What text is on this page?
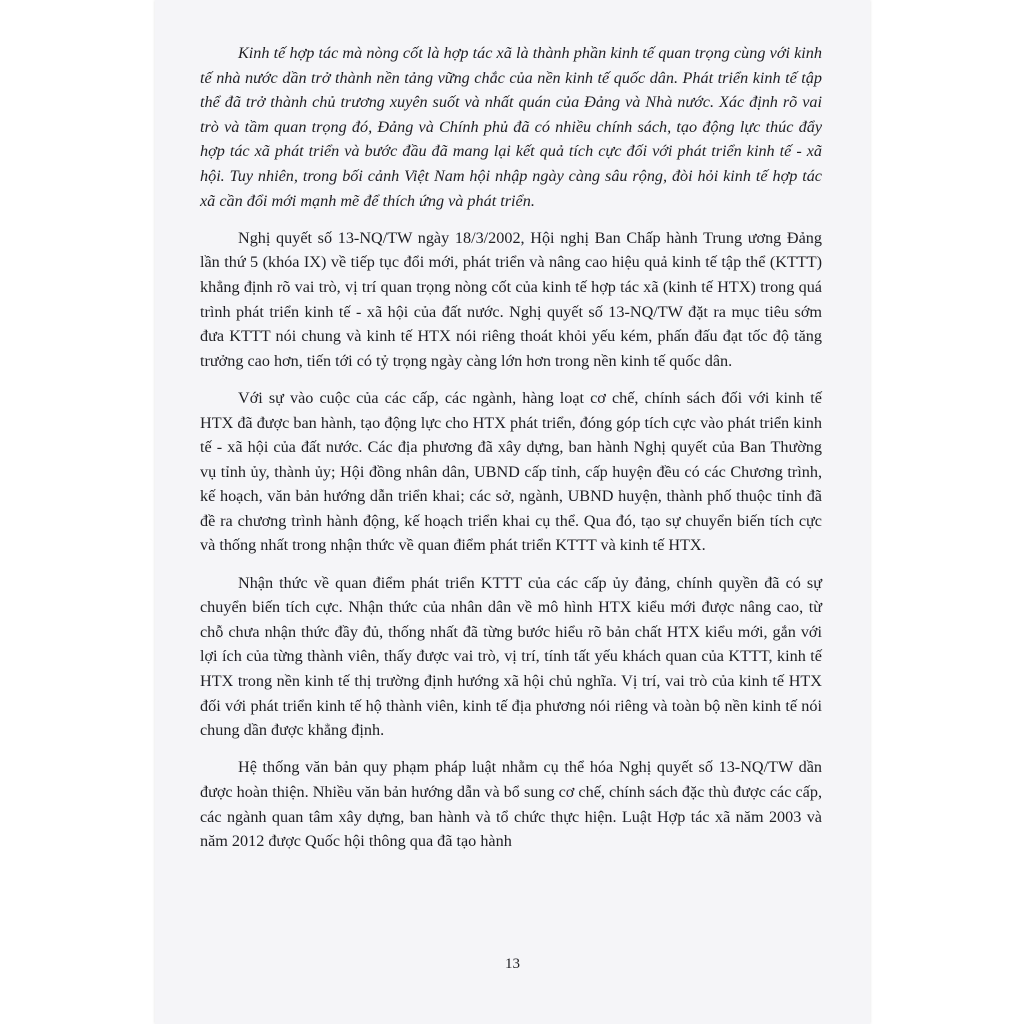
Kinh tế hợp tác mà nòng cốt là hợp tác xã là thành phần kinh tế quan trọng cùng với kinh tế nhà nước dần trở thành nền tảng vững chắc của nền kinh tế quốc dân. Phát triển kinh tế tập thể đã trở thành chủ trương xuyên suốt và nhất quán của Đảng và Nhà nước. Xác định rõ vai trò và tầm quan trọng đó, Đảng và Chính phủ đã có nhiều chính sách, tạo động lực thúc đẩy hợp tác xã phát triển và bước đầu đã mang lại kết quả tích cực đối với phát triển kinh tế - xã hội. Tuy nhiên, trong bối cảnh Việt Nam hội nhập ngày càng sâu rộng, đòi hỏi kinh tế hợp tác xã cần đổi mới mạnh mẽ để thích ứng và phát triển.

Nghị quyết số 13-NQ/TW ngày 18/3/2002, Hội nghị Ban Chấp hành Trung ương Đảng lần thứ 5 (khóa IX) về tiếp tục đổi mới, phát triển và nâng cao hiệu quả kinh tế tập thể (KTTT) khẳng định rõ vai trò, vị trí quan trọng nòng cốt của kinh tế hợp tác xã (kinh tế HTX) trong quá trình phát triển kinh tế - xã hội của đất nước. Nghị quyết số 13-NQ/TW đặt ra mục tiêu sớm đưa KTTT nói chung và kinh tế HTX nói riêng thoát khỏi yếu kém, phấn đấu đạt tốc độ tăng trưởng cao hơn, tiến tới có tỷ trọng ngày càng lớn hơn trong nền kinh tế quốc dân.

Với sự vào cuộc của các cấp, các ngành, hàng loạt cơ chế, chính sách đối với kinh tế HTX đã được ban hành, tạo động lực cho HTX phát triển, đóng góp tích cực vào phát triển kinh tế - xã hội của đất nước. Các địa phương đã xây dựng, ban hành Nghị quyết của Ban Thường vụ tỉnh ủy, thành ủy; Hội đồng nhân dân, UBND cấp tỉnh, cấp huyện đều có các Chương trình, kế hoạch, văn bản hướng dẫn triển khai; các sở, ngành, UBND huyện, thành phố thuộc tỉnh đã đề ra chương trình hành động, kế hoạch triển khai cụ thể. Qua đó, tạo sự chuyển biến tích cực và thống nhất trong nhận thức về quan điểm phát triển KTTT và kinh tế HTX.

Nhận thức về quan điểm phát triển KTTT của các cấp ủy đảng, chính quyền đã có sự chuyển biến tích cực. Nhận thức của nhân dân về mô hình HTX kiểu mới được nâng cao, từ chỗ chưa nhận thức đầy đủ, thống nhất đã từng bước hiểu rõ bản chất HTX kiểu mới, gắn với lợi ích của từng thành viên, thấy được vai trò, vị trí, tính tất yếu khách quan của KTTT, kinh tế HTX trong nền kinh tế thị trường định hướng xã hội chủ nghĩa. Vị trí, vai trò của kinh tế HTX đối với phát triển kinh tế hộ thành viên, kinh tế địa phương nói riêng và toàn bộ nền kinh tế nói chung dần được khẳng định.

Hệ thống văn bản quy phạm pháp luật nhằm cụ thể hóa Nghị quyết số 13-NQ/TW dần được hoàn thiện. Nhiều văn bản hướng dẫn và bổ sung cơ chế, chính sách đặc thù được các cấp, các ngành quan tâm xây dựng, ban hành và tổ chức thực hiện. Luật Hợp tác xã năm 2003 và năm 2012 được Quốc hội thông qua đã tạo hành

13
